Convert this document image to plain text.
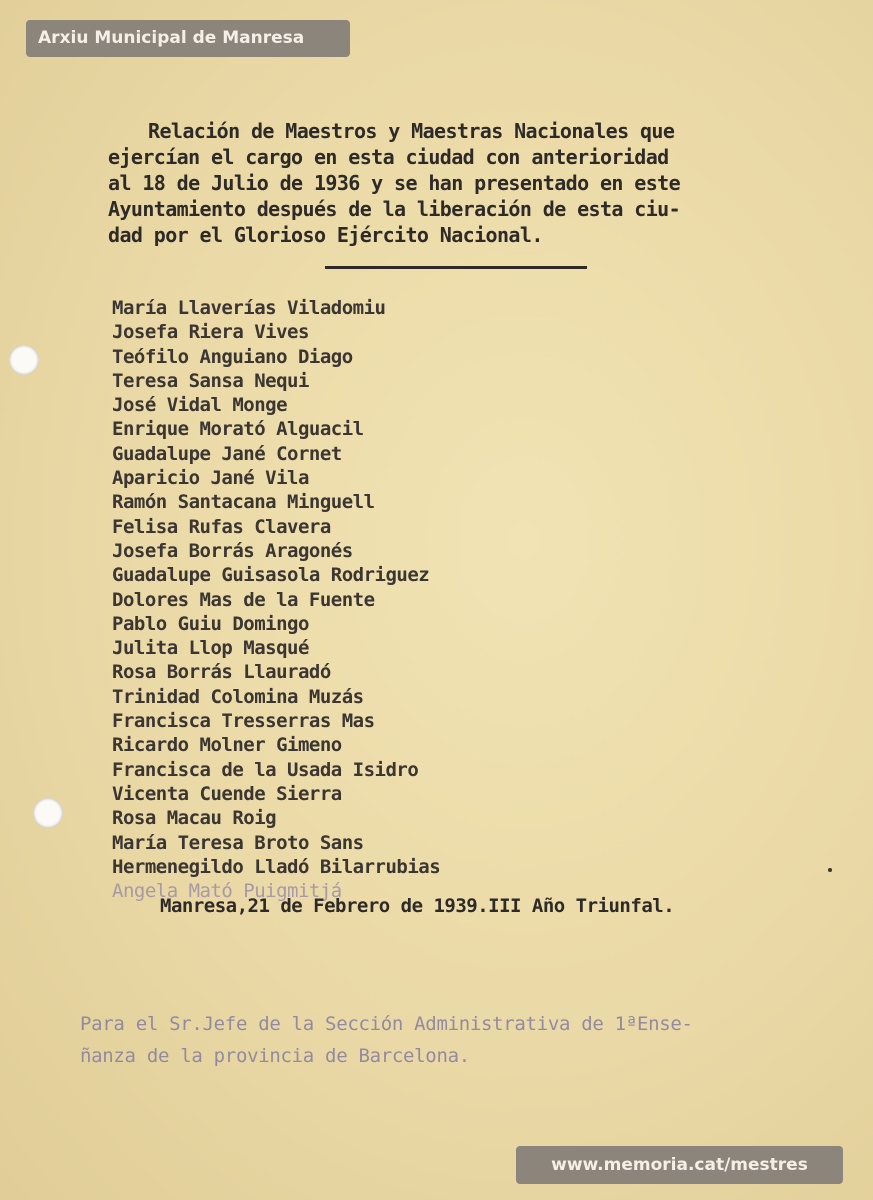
Arxiu Municipal de Manresa
Relación de Maestros y Maestras Nacionales que
ejercían el cargo en esta ciudad con anterioridad
al 18 de Julio de 1936 y se han presentado en este
Ayuntamiento después de la liberación de esta ciu-
dad por el Glorioso Ejército Nacional.
María Llaverías Viladomiu
Josefa Riera Vives
Teófilo Anguiano Diago
Teresa Sansa Nequi
José Vidal Monge
Enrique Morató Alguacil
Guadalupe Jané Cornet
Aparicio Jané Vila
Ramón Santacana Minguell
Felisa Rufas Clavera
Josefa Borrás Aragonés
Guadalupe Guisasola Rodriguez
Dolores Mas de la Fuente
Pablo Guiu Domingo
Julita Llop Masqué
Rosa Borrás Llauradó
Trinidad Colomina Muzás
Francisca Tresserras Mas
Ricardo Molner Gimeno
Francisca de la Usada Isidro
Vicenta Cuende Sierra
Rosa Macau Roig
María Teresa Broto Sans
Hermenegildo Lladó Bilarrubias
Angela Mató Puigmitjá
Manresa,21 de Febrero de 1939.III Año Triunfal.
Para el Sr.Jefe de la Sección Administrativa de 1ªEnse-
ñanza de la provincia de Barcelona.
www.memoria.cat/mestres
